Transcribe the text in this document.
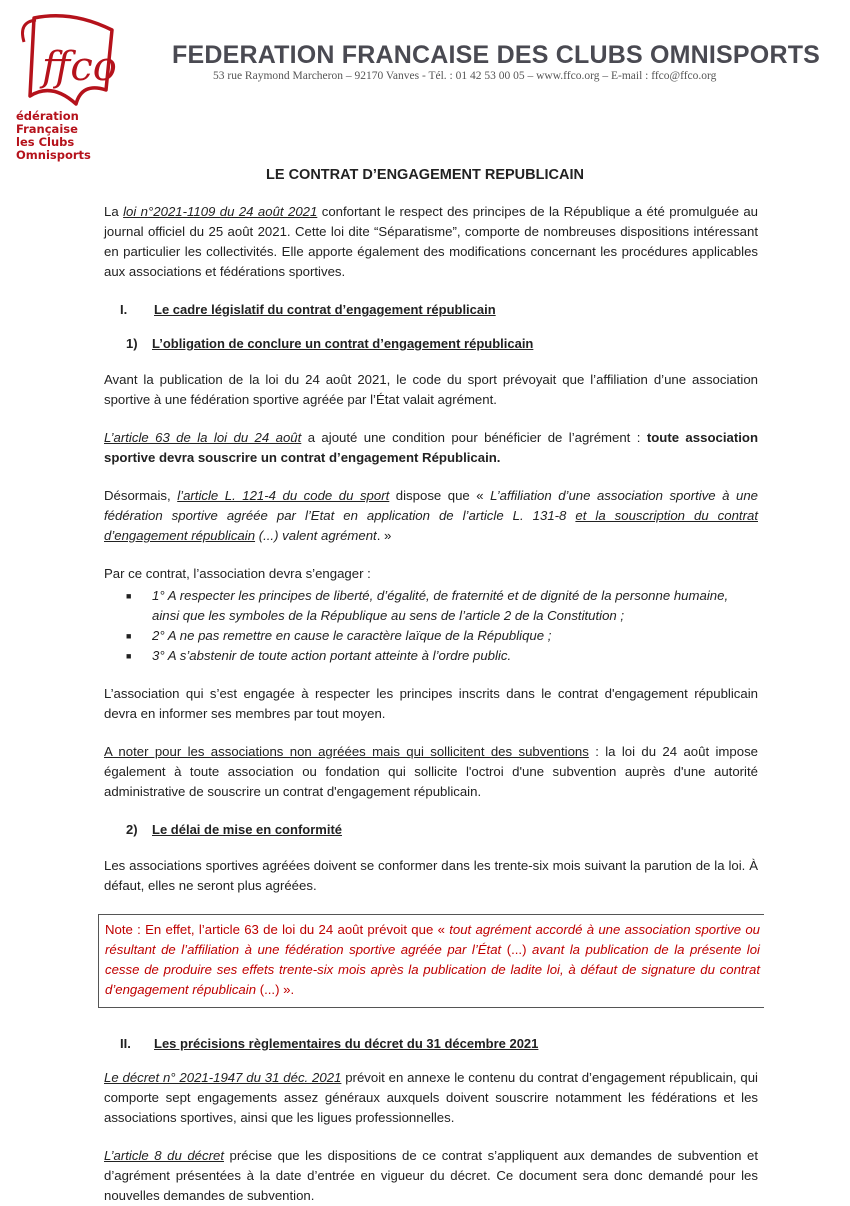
ffco
édération Française
les Clubs Omnisports
FEDERATION FRANCAISE DES CLUBS OMNISPORTS
53 rue Raymond Marcheron – 92170 Vanves - Tél. : 01 42 53 00 05 – www.ffco.org – E-mail : ffco@ffco.org
LE CONTRAT D’ENGAGEMENT REPUBLICAIN

La loi n°2021-1109 du 24 août 2021 confortant le respect des principes de la République a été promulguée au journal officiel du 25 août 2021. Cette loi dite “Séparatisme”, comporte de nombreuses dispositions intéressant en particulier les collectivités. Elle apporte également des modifications concernant les procédures applicables aux associations et fédérations sportives.

I. Le cadre législatif du contrat d’engagement républicain
1) L’obligation de conclure un contrat d’engagement républicain

Avant la publication de la loi du 24 août 2021, le code du sport prévoyait que l’affiliation d’une association sportive à une fédération sportive agréée par l’État valait agrément.

L’article 63 de la loi du 24 août a ajouté une condition pour bénéficier de l’agrément : toute association sportive devra souscrire un contrat d’engagement Républicain.

Désormais, l’article L. 121-4 du code du sport dispose que « L’affiliation d’une association sportive à une fédération sportive agréée par l’Etat en application de l’article L. 131-8 et la souscription du contrat d’engagement républicain (...) valent agrément. »

Par ce contrat, l’association devra s’engager :

■ 1° A respecter les principes de liberté, d’égalité, de fraternité et de dignité de la personne humaine, ainsi que les symboles de la République au sens de l’article 2 de la Constitution ;
■ 2° A ne pas remettre en cause le caractère laïque de la République ;
■ 3° A s’abstenir de toute action portant atteinte à l’ordre public.

L’association qui s’est engagée à respecter les principes inscrits dans le contrat d'engagement républicain devra en informer ses membres par tout moyen.

A noter pour les associations non agréées mais qui sollicitent des subventions : la loi du 24 août impose également à toute association ou fondation qui sollicite l'octroi d'une subvention auprès d'une autorité administrative de souscrire un contrat d'engagement républicain.

2) Le délai de mise en conformité

Les associations sportives agréées doivent se conformer dans les trente-six mois suivant la parution de la loi. À défaut, elles ne seront plus agréées.

Note : En effet, l’article 63 de loi du 24 août prévoit que « tout agrément accordé à une association sportive ou résultant de l’affiliation à une fédération sportive agréée par l’État (...) avant la publication de la présente loi cesse de produire ses effets trente-six mois après la publication de ladite loi, à défaut de signature du contrat d’engagement républicain (...) ».
II. Les précisions règlementaires du décret du 31 décembre 2021

Le décret n° 2021-1947 du 31 déc. 2021 prévoit en annexe le contenu du contrat d’engagement républicain, qui comporte sept engagements assez généraux auxquels doivent souscrire notamment les fédérations et les associations sportives, ainsi que les ligues professionnelles.

L’article 8 du décret précise que les dispositions de ce contrat s’appliquent aux demandes de subvention et d’agrément présentées à la date d’entrée en vigueur du décret. Ce document sera donc demandé pour les nouvelles demandes de subvention.
